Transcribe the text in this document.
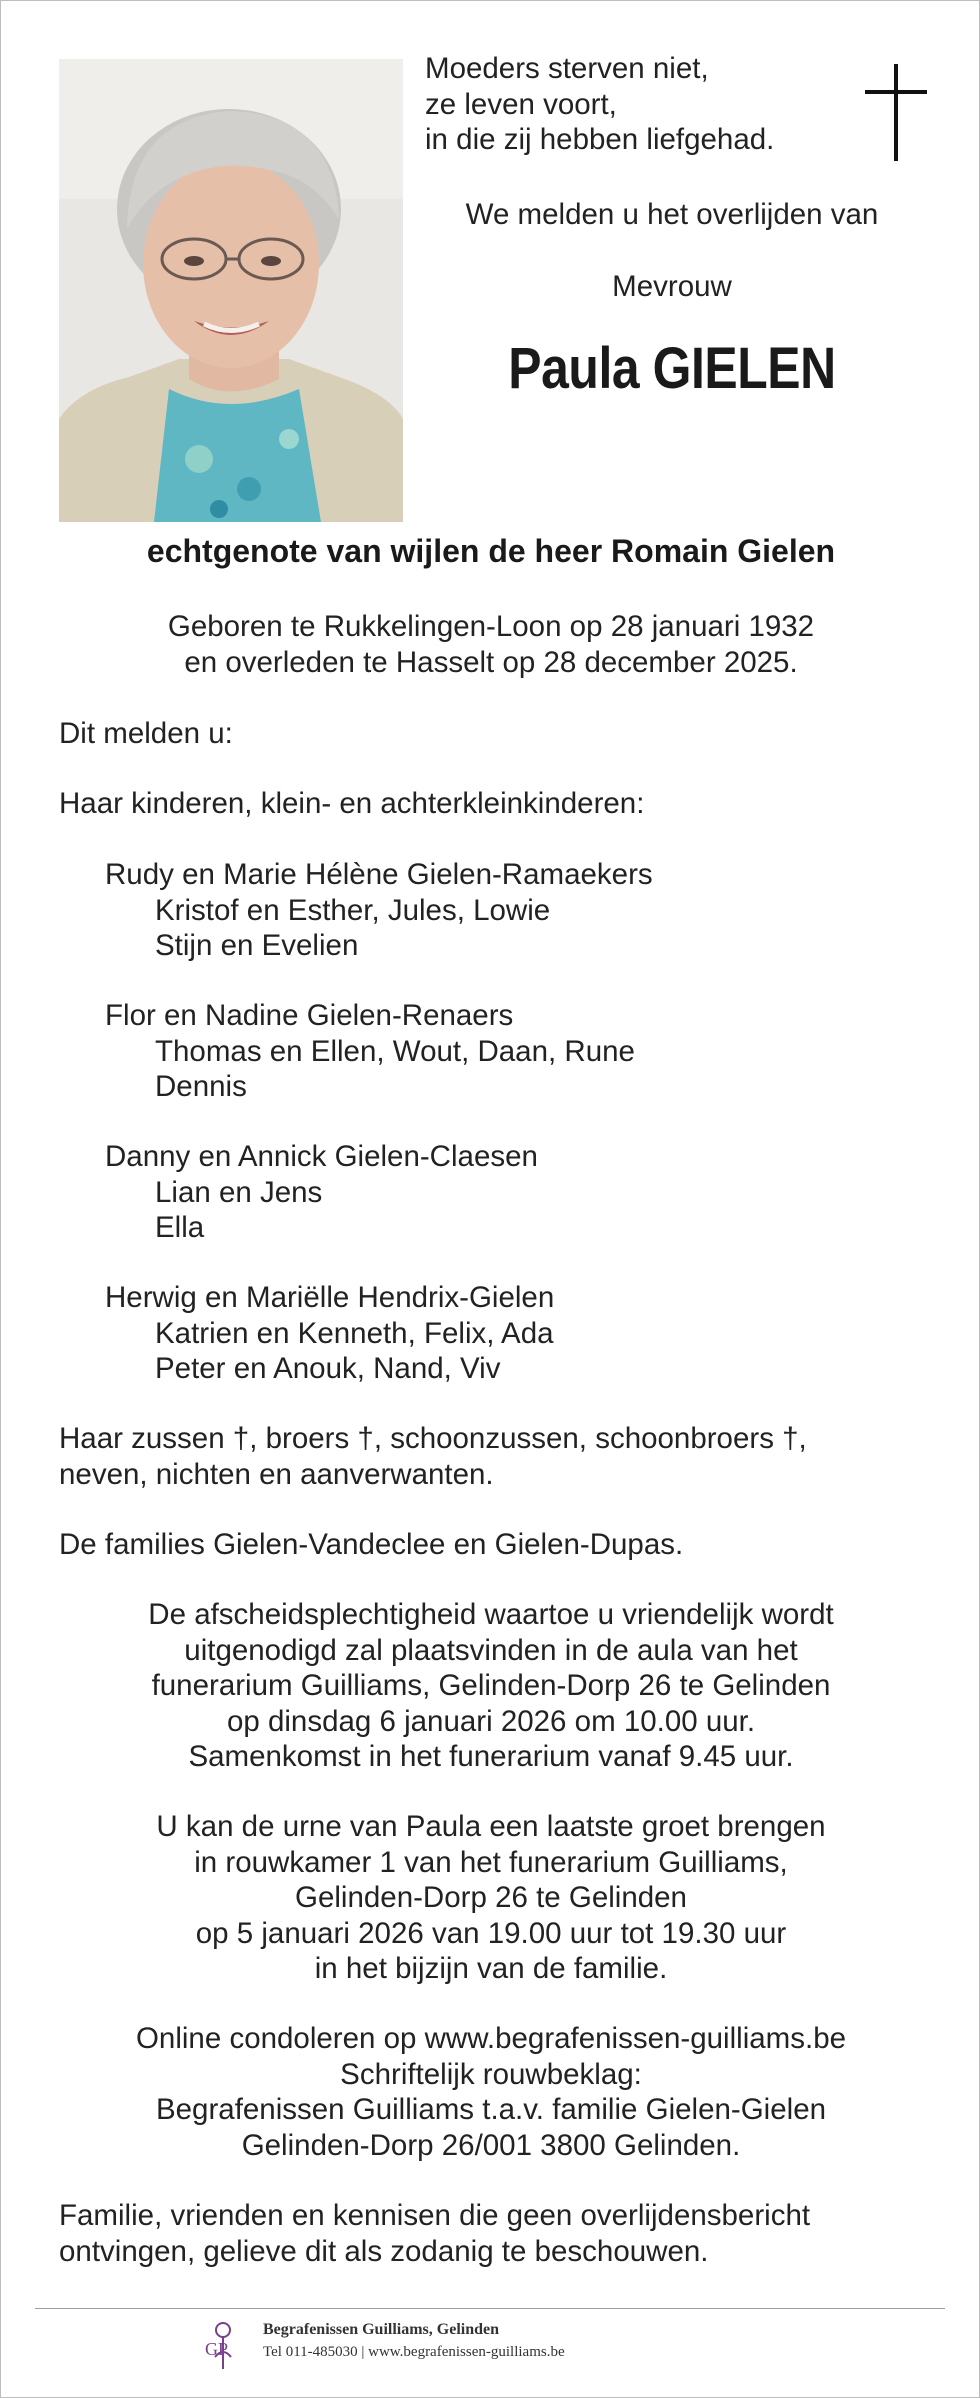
Moeders sterven niet,
ze leven voort,
in die zij hebben liefgehad.
We melden u het overlijden van
Mevrouw
Paula GIELEN
echtgenote van wijlen de heer Romain Gielen
Geboren te Rukkelingen-Loon op 28 januari 1932
en overleden te Hasselt op 28 december 2025.
Dit melden u:
Haar kinderen, klein- en achterkleinkinderen:
Rudy en Marie Hélène Gielen-Ramaekers
Kristof en Esther, Jules, Lowie
Stijn en Evelien
Flor en Nadine Gielen-Renaers
Thomas en Ellen, Wout, Daan, Rune
Dennis
Danny en Annick Gielen-Claesen
Lian en Jens
Ella
Herwig en Mariëlle Hendrix-Gielen
Katrien en Kenneth, Felix, Ada
Peter en Anouk, Nand, Viv
Haar zussen †, broers †, schoonzussen, schoonbroers †,
neven, nichten en aanverwanten.
De families Gielen-Vandeclee en Gielen-Dupas.
De afscheidsplechtigheid waartoe u vriendelijk wordt
uitgenodigd zal plaatsvinden in de aula van het
funerarium Guilliams, Gelinden-Dorp 26 te Gelinden
op dinsdag 6 januari 2026 om 10.00 uur.
Samenkomst in het funerarium vanaf 9.45 uur.
U kan de urne van Paula een laatste groet brengen
in rouwkamer 1 van het funerarium Guilliams,
Gelinden-Dorp 26 te Gelinden
op 5 januari 2026 van 19.00 uur tot 19.30 uur
in het bijzijn van de familie.
Online condoleren op www.begrafenissen-guilliams.be
Schriftelijk rouwbeklag:
Begrafenissen Guilliams t.a.v. familie Gielen-Gielen
Gelinden-Dorp 26/001 3800 Gelinden.
Familie, vrienden en kennisen die geen overlijdensbericht
ontvingen, gelieve dit als zodanig te beschouwen.
GP
Begrafenissen Guilliams, Gelinden
Tel 011-485030 | www.begrafenissen-guilliams.be
